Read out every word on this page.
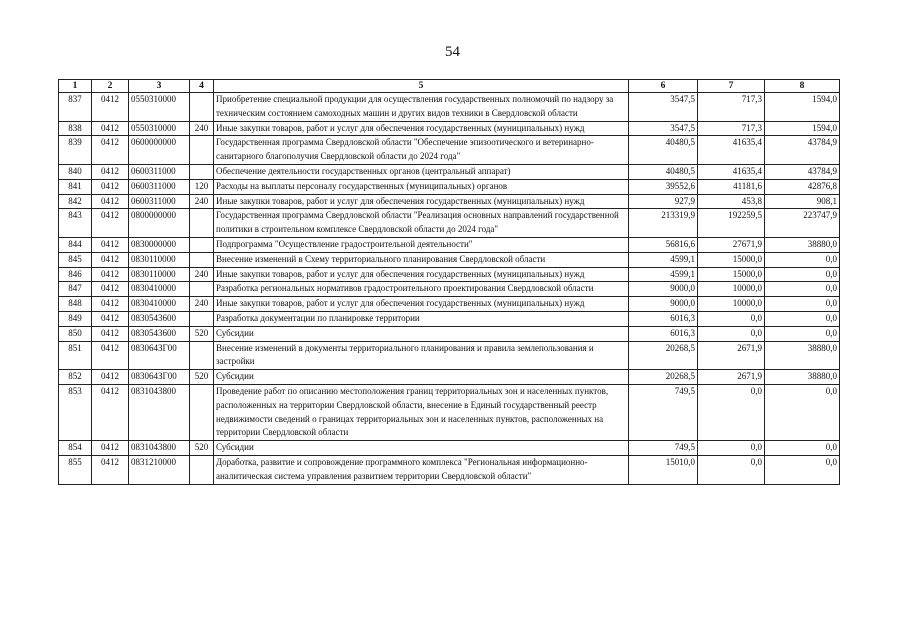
54
1	2	3	4	5	6	7	8
837	0412	0550310000		Приобретение специальной продукции для осуществления государственных полномочий по надзору за техническим состоянием самоходных машин и других видов техники в Свердловской области	3547,5	717,3	1594,0
838	0412	0550310000	240	Иные закупки товаров, работ и услуг для обеспечения государственных (муниципальных) нужд	3547,5	717,3	1594,0
839	0412	0600000000		Государственная программа Свердловской области "Обеспечение эпизоотического и ветеринарно-санитарного благополучия Свердловской области до 2024 года"	40480,5	41635,4	43784,9
840	0412	0600311000		Обеспечение деятельности государственных органов (центральный аппарат)	40480,5	41635,4	43784,9
841	0412	0600311000	120	Расходы на выплаты персоналу государственных (муниципальных) органов	39552,6	41181,6	42876,8
842	0412	0600311000	240	Иные закупки товаров, работ и услуг для обеспечения государственных (муниципальных) нужд	927,9	453,8	908,1
843	0412	0800000000		Государственная программа Свердловской области "Реализация основных направлений государственной политики в строительном комплексе Свердловской области до 2024 года"	213319,9	192259,5	223747,9
844	0412	0830000000		Подпрограмма "Осуществление градостроительной деятельности"	56816,6	27671,9	38880,0
845	0412	0830110000		Внесение изменений в Схему территориального планирования Свердловской области	4599,1	15000,0	0,0
846	0412	0830110000	240	Иные закупки товаров, работ и услуг для обеспечения государственных (муниципальных) нужд	4599,1	15000,0	0,0
847	0412	0830410000		Разработка региональных нормативов градостроительного проектирования Свердловской области	9000,0	10000,0	0,0
848	0412	0830410000	240	Иные закупки товаров, работ и услуг для обеспечения государственных (муниципальных) нужд	9000,0	10000,0	0,0
849	0412	0830543600		Разработка документации по планировке территории	6016,3	0,0	0,0
850	0412	0830543600	520	Субсидии	6016,3	0,0	0,0
851	0412	083064ЗГ00		Внесение изменений в документы территориального планирования и правила землепользования и застройки	20268,5	2671,9	38880,0
852	0412	083064ЗГ00	520	Субсидии	20268,5	2671,9	38880,0
853	0412	0831043800		Проведение работ по описанию местоположения границ территориальных зон и населенных пунктов, расположенных на территории Свердловской области, внесение в Единый государственный реестр недвижимости сведений о границах территориальных зон и населенных пунктов, расположенных на территории Свердловской области	749,5	0,0	0,0
854	0412	0831043800	520	Субсидии	749,5	0,0	0,0
855	0412	0831210000		Доработка, развитие и сопровождение программного комплекса "Региональная информационно-аналитическая система управления развитием территории Свердловской области"	15010,0	0,0	0,0
